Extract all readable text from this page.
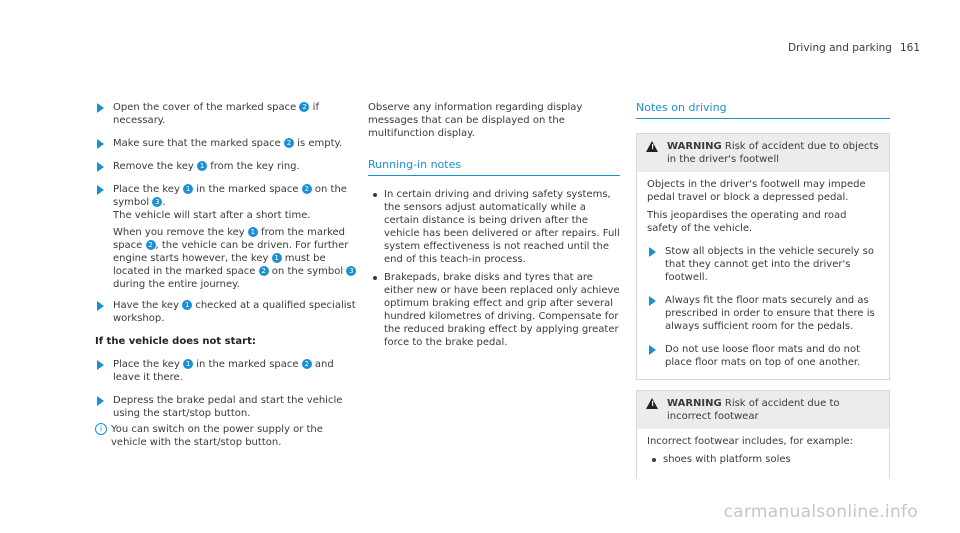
Driving and parking 161
Open the cover of the marked space 2 if necessary.
Make sure that the marked space 2 is empty.
Remove the key 1 from the key ring.
Place the key 1 in the marked space 2 on the symbol 3 .
The vehicle will start after a short time.
When you remove the key 1 from the marked space 2 , the vehicle can be driven. For further engine starts however, the key 1 must be located in the marked space 2 on the symbol 3 during the entire journey.
Have the key 1 checked at a qualified specialist workshop.
If the vehicle does not start:
Place the key 1 in the marked space 2 and leave it there.
Depress the brake pedal and start the vehicle using the start/stop button.
i You can switch on the power supply or the vehicle with the start/stop button.

Observe any information regarding display messages that can be displayed on the multifunction display.

Running-in notes
In certain driving and driving safety systems, the sensors adjust automatically while a certain distance is being driven after the vehicle has been delivered or after repairs. Full system effectiveness is not reached until the end of this teach-in process.
Brakepads, brake disks and tyres that are either new or have been replaced only achieve optimum braking effect and grip after several hundred kilometres of driving. Compensate for the reduced braking effect by applying greater force to the brake pedal.
Notes on driving
! WARNING Risk of accident due to objects in the driver's footwell

Objects in the driver's footwell may impede pedal travel or block a depressed pedal.

This jeopardises the operating and road safety of the vehicle.

Stow all objects in the vehicle securely so that they cannot get into the driver's footwell.
Always fit the floor mats securely and as prescribed in order to ensure that there is always sufficient room for the pedals.
Do not use loose floor mats and do not place floor mats on top of one another.
! WARNING Risk of accident due to incorrect footwear

Incorrect footwear includes, for example:

shoes with platform soles
carmanualsonline.info
